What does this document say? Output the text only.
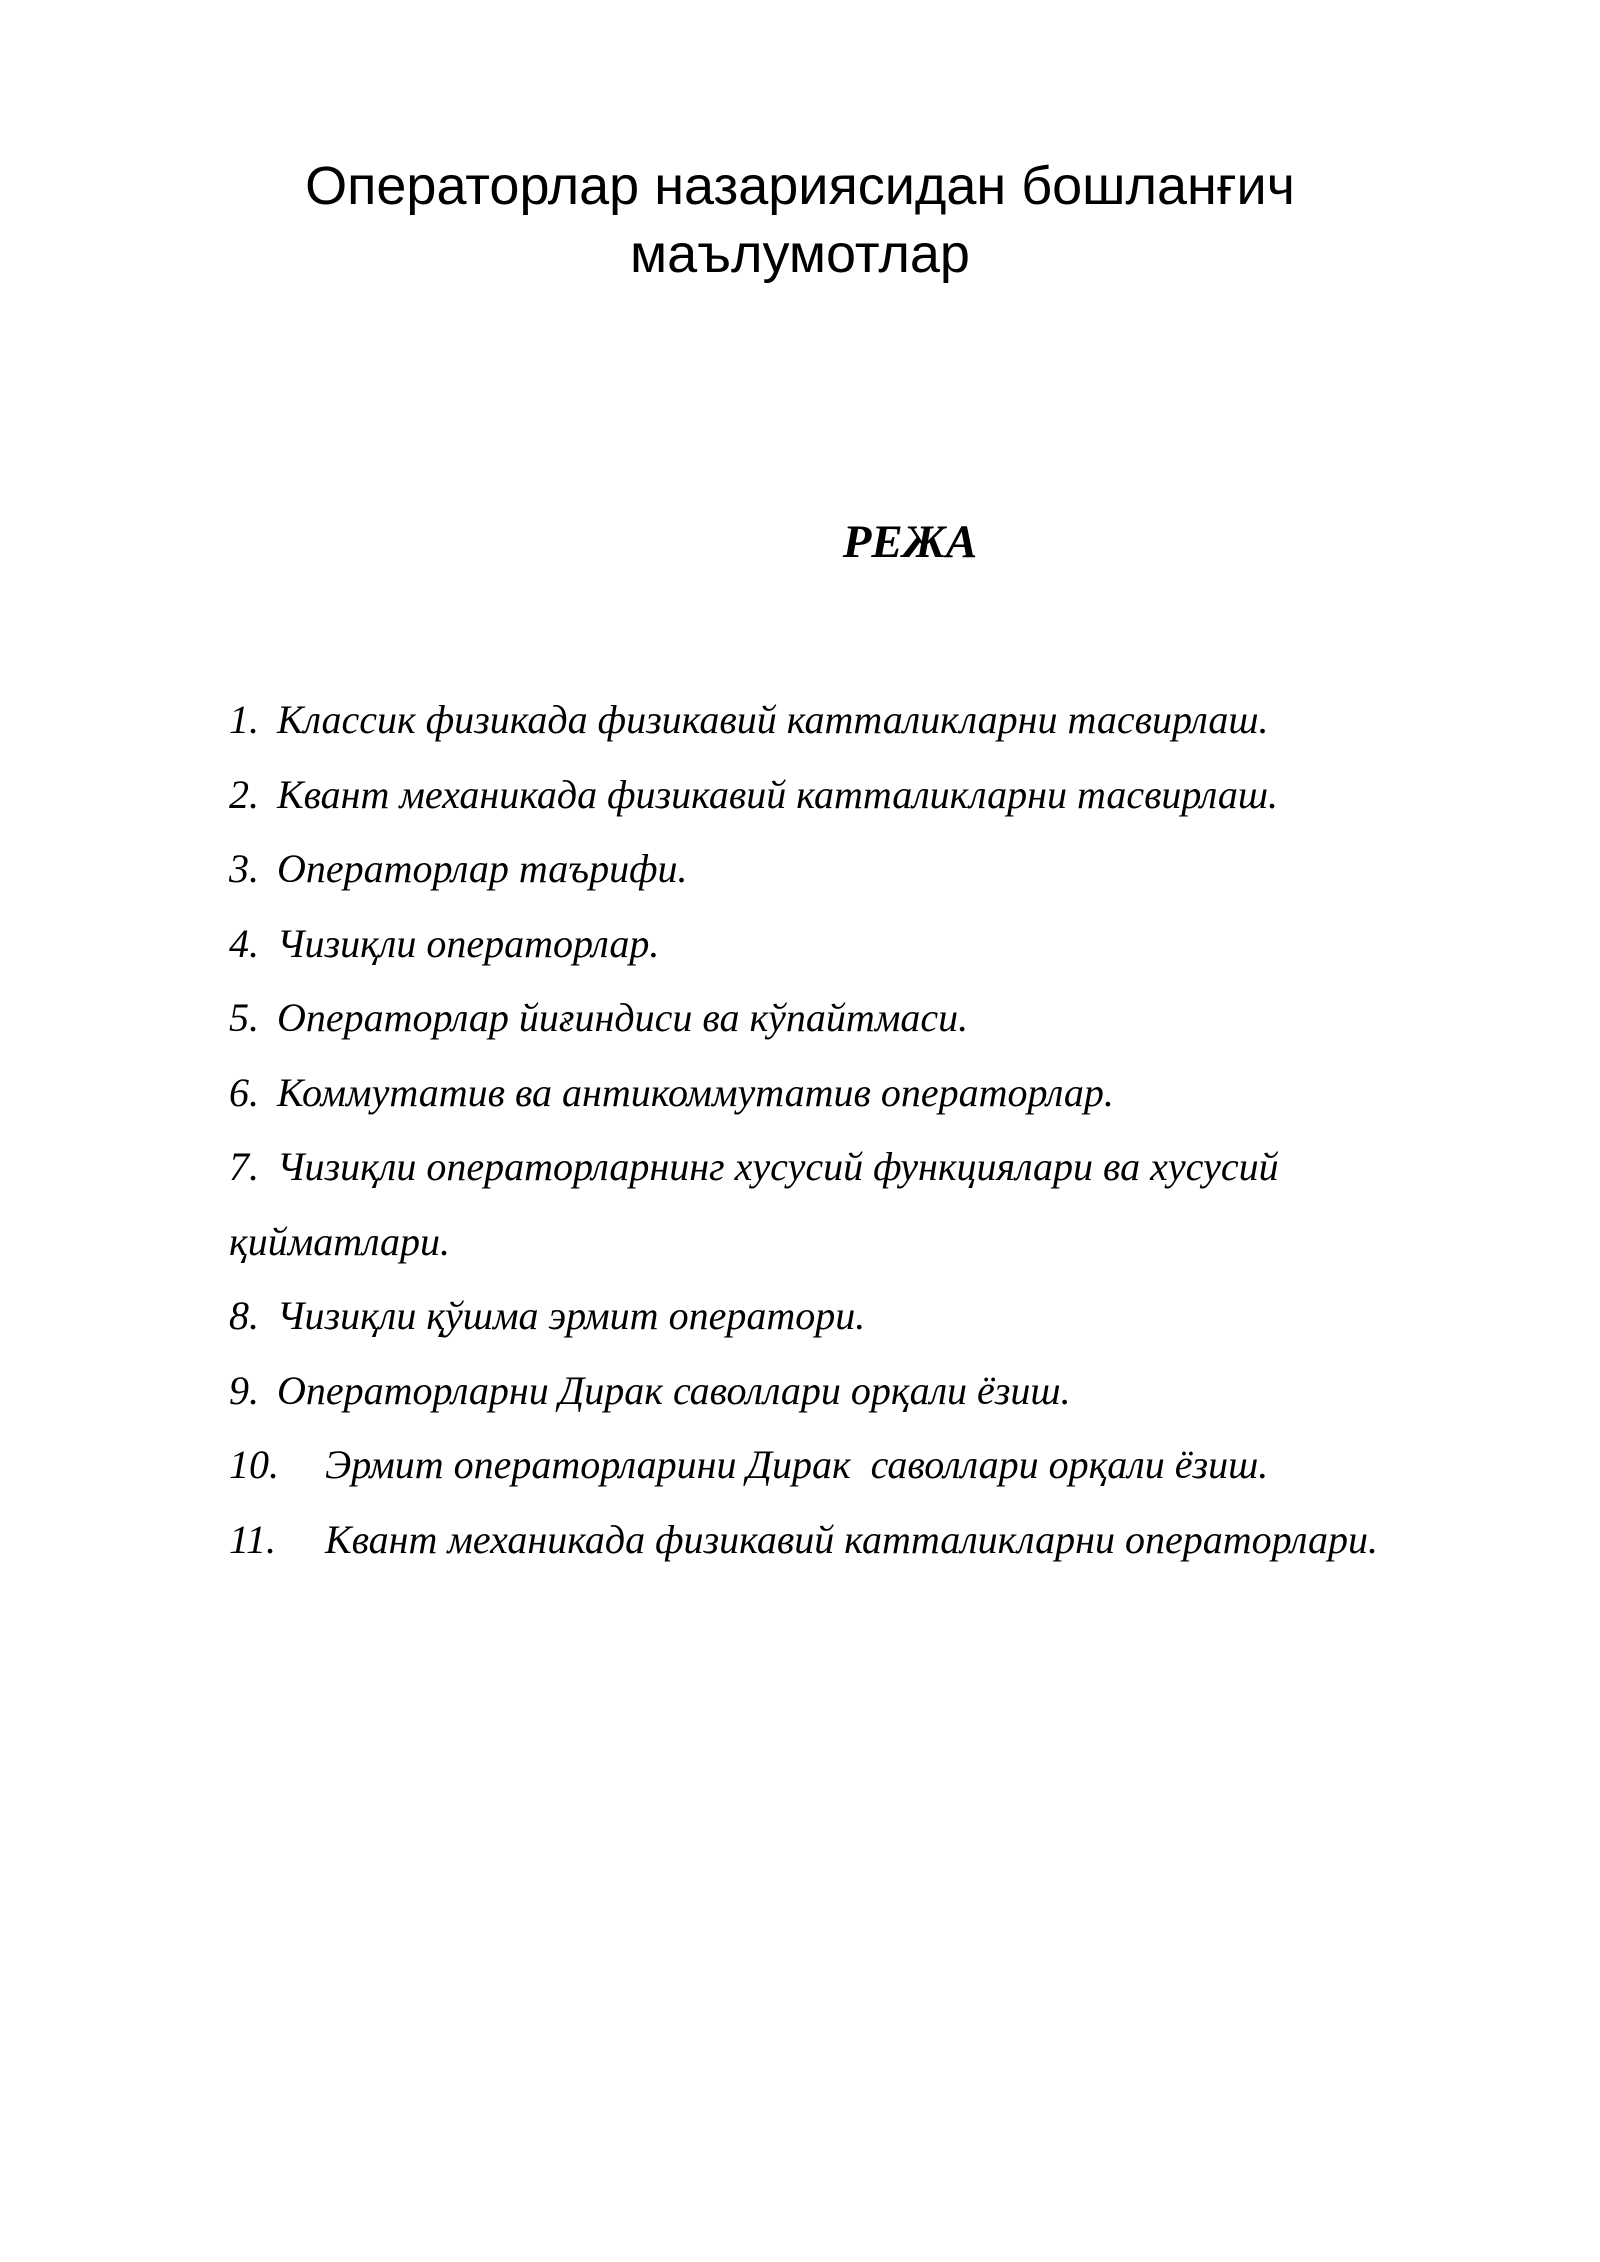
Операторлар назариясидан бошланғич
маълумотлар
РЕЖА
1. Классик физикада физикавий катталикларни тасвирлаш.
2. Квант механикада физикавий катталикларни тасвирлаш.
3. Операторлар таърифи.
4. Чизиқли операторлар.
5. Операторлар йиғиндиси ва кўпайтмаси.
6. Коммутатив ва антикоммутатив операторлар.
7. Чизиқли операторларнинг хусусий функциялари ва хусусий
қийматлари.
8. Чизиқли қўшма эрмит оператори.
9. Операторларни Дирак саволлари орқали ёзиш.
10. Эрмит операторларини Дирак  саволлари орқали ёзиш.
11. Квант механикада физикавий катталикларни операторлари.
